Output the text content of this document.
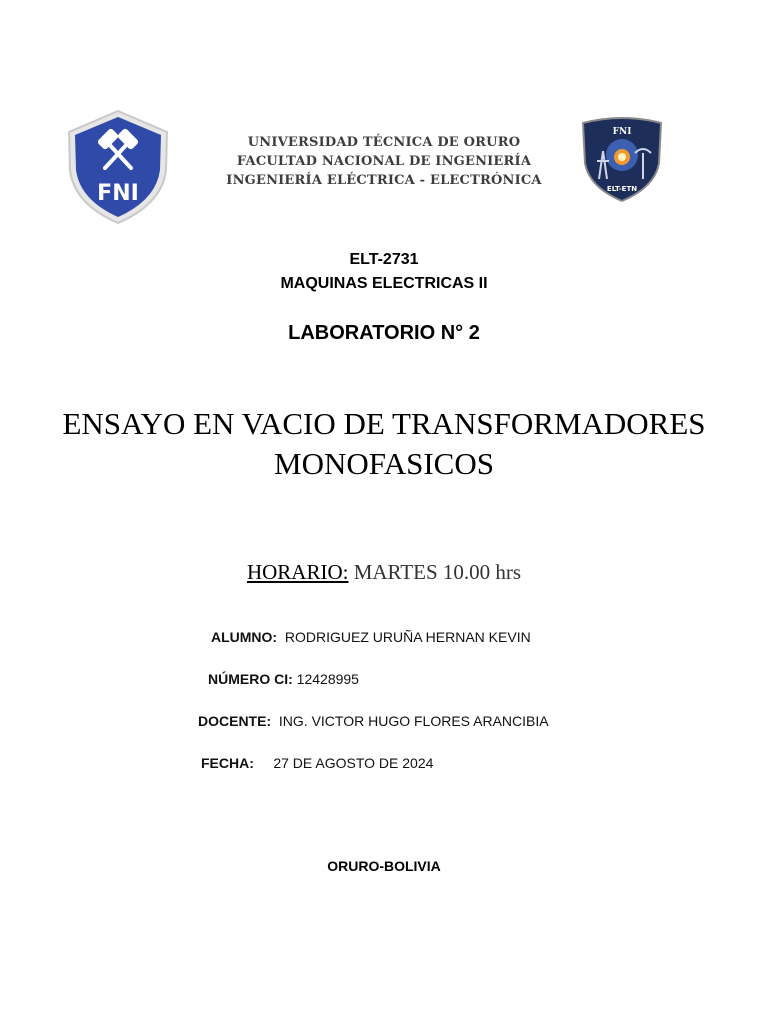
FNI
UNIVERSIDAD TÉCNICA DE ORURO
FACULTAD NACIONAL DE INGENIERÍA
INGENIERÍA ELÉCTRICA - ELECTRÓNICA
FNI
ELT-ETN
ELT-2731
MAQUINAS ELECTRICAS II
LABORATORIO N° 2
ENSAYO EN VACIO DE TRANSFORMADORES
MONOFASICOS
HORARIO: MARTES 10.00 hrs
ALUMNO: RODRIGUEZ URUÑA HERNAN KEVIN
NÚMERO CI: 12428995
DOCENTE: ING. VICTOR HUGO FLORES ARANCIBIA
FECHA: 27 DE AGOSTO DE 2024
ORURO-BOLIVIA
